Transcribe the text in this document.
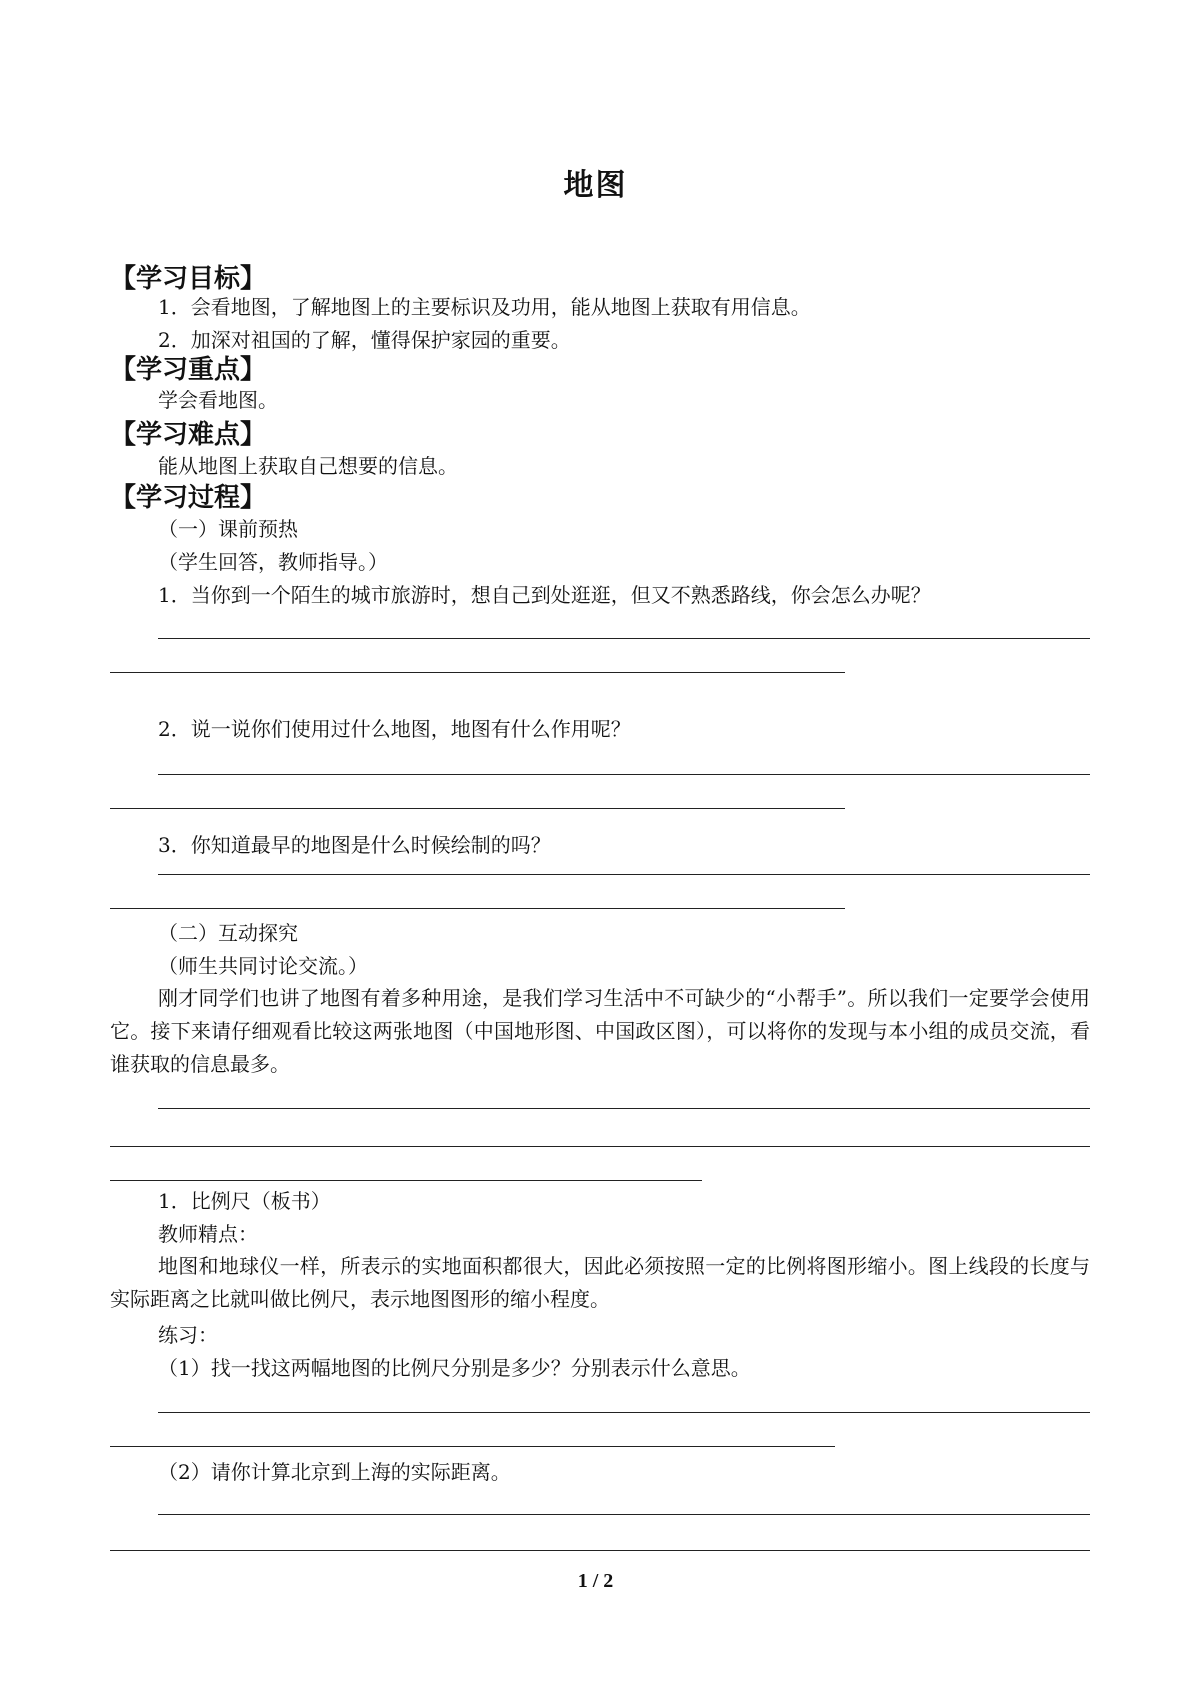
地图
【学习目标】
1．会看地图，了解地图上的主要标识及功用，能从地图上获取有用信息。
2．加深对祖国的了解，懂得保护家园的重要。
【学习重点】
学会看地图。
【学习难点】
能从地图上获取自己想要的信息。
【学习过程】
（一）课前预热
（学生回答，教师指导。）
1．当你到一个陌生的城市旅游时，想自己到处逛逛，但又不熟悉路线，你会怎么办呢？
2．说一说你们使用过什么地图，地图有什么作用呢？
3．你知道最早的地图是什么时候绘制的吗？
（二）互动探究
（师生共同讨论交流。）
刚才同学们也讲了地图有着多种用途，是我们学习生活中不可缺少的“小帮手”。所以我们一定要学会使用它。接下来请仔细观看比较这两张地图（中国地形图、中国政区图），可以将你的发现与本小组的成员交流，看谁获取的信息最多。
1．比例尺（板书）
教师精点：
地图和地球仪一样，所表示的实地面积都很大，因此必须按照一定的比例将图形缩小。图上线段的长度与实际距离之比就叫做比例尺，表示地图图形的缩小程度。
练习：
（1）找一找这两幅地图的比例尺分别是多少？分别表示什么意思。
（2）请你计算北京到上海的实际距离。
1 / 2
